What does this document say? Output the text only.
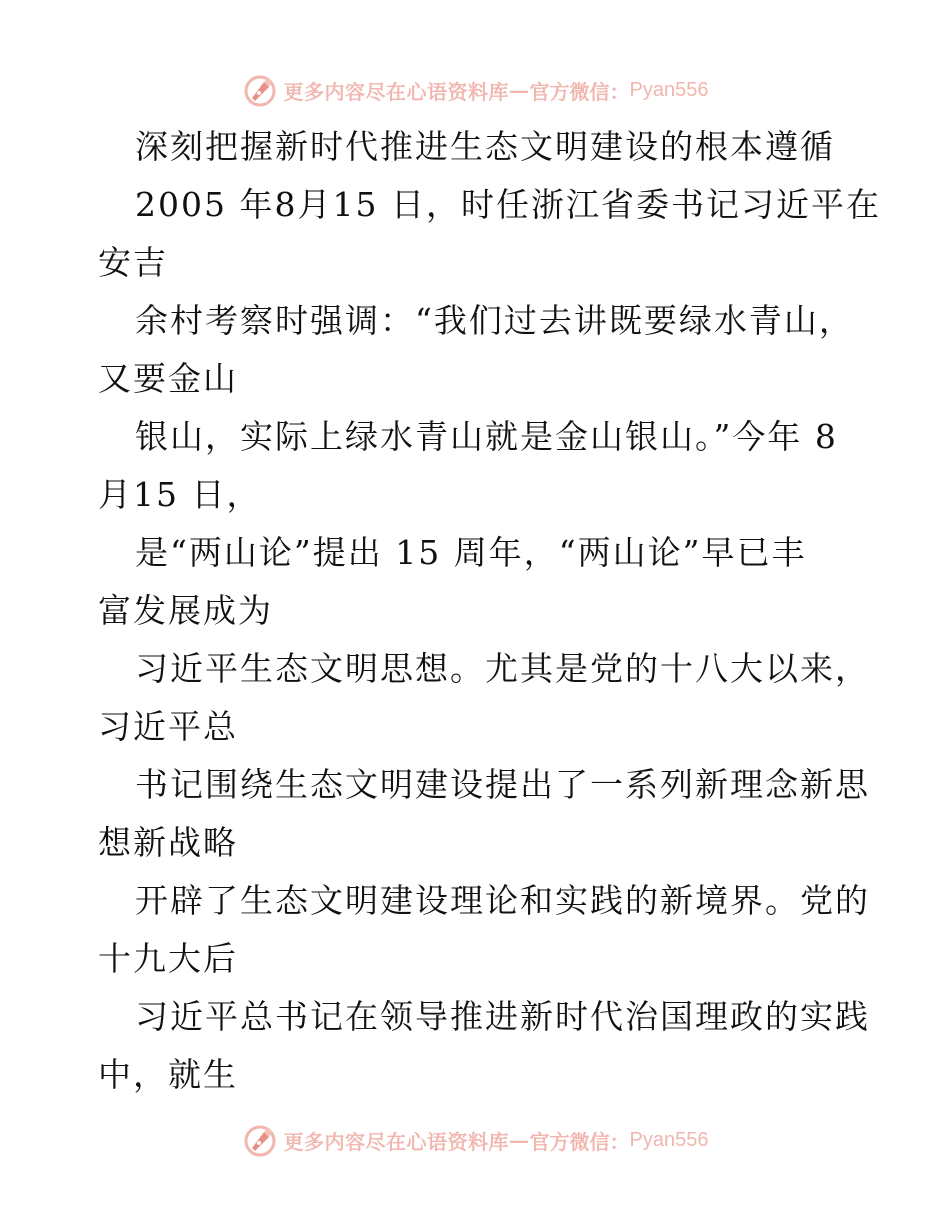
更多内容尽在心语资料库 — 官方微信： Pyan556
深刻把握新时代推进生态文明建设的根本遵循
2005 年8月15 日，时任浙江省委书记习近平在
安吉
余村考察时强调：“我们过去讲既要绿水青山，
又要金山
银山，实际上绿水青山就是金山银山。”今年 8
月15 日，
是“两山论”提出 15 周年，“两山论”早已丰
富发展成为
习近平生态文明思想。尤其是党的十八大以来，
习近平总
书记围绕生态文明建设提出了一系列新理念新思
想新战略
开辟了生态文明建设理论和实践的新境界。党的
十九大后
习近平总书记在领导推进新时代治国理政的实践
中，就生
更多内容尽在心语资料库 — 官方微信： Pyan556
